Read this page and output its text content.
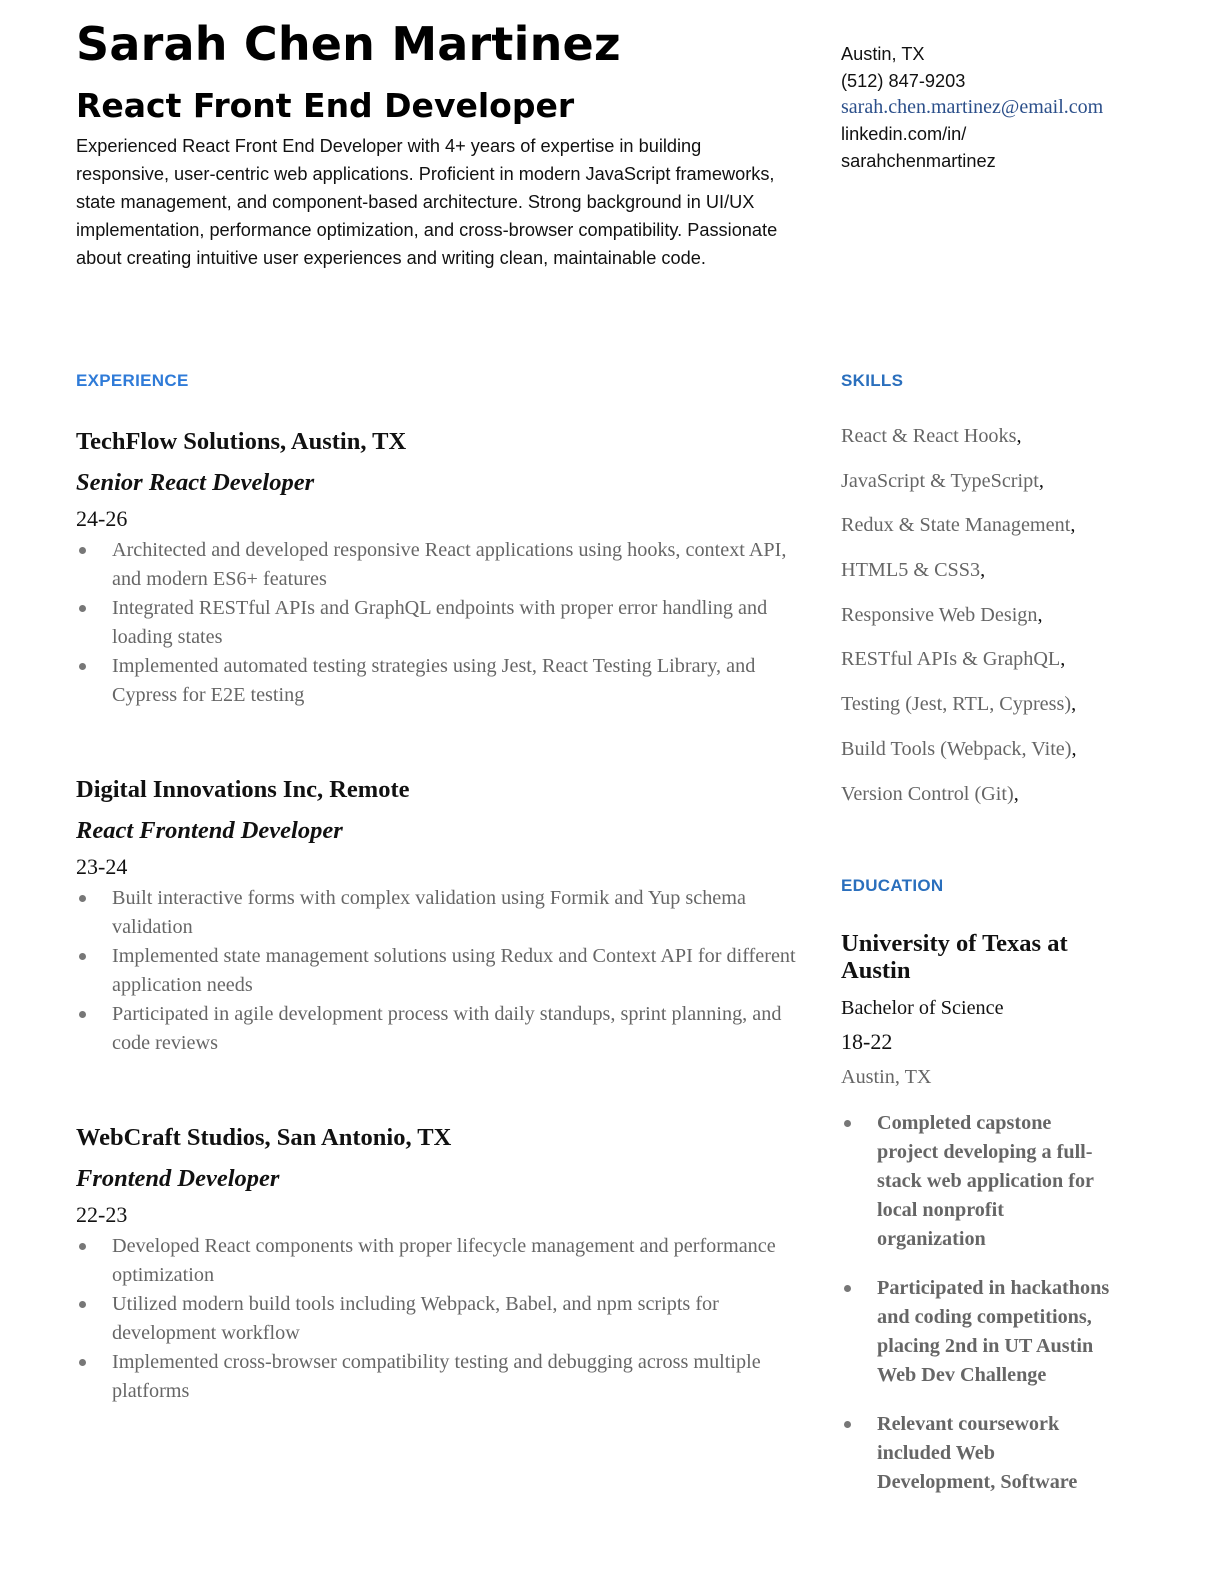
Sarah Chen Martinez
React Front End Developer

Experienced React Front End Developer with 4+ years of expertise in building responsive, user-centric web applications. Proficient in modern JavaScript frameworks, state management, and component-based architecture. Strong background in UI/UX implementation, performance optimization, and cross-browser compatibility. Passionate about creating intuitive user experiences and writing clean, maintainable code.

Austin, TX
(512) 847-9203
sarah.chen.martinez@email.com
linkedin.com/in/
sarahchenmartinez
EXPERIENCE
TechFlow Solutions, Austin, TX
Senior React Developer
24-26
Architected and developed responsive React applications using hooks, context API, and modern ES6+ features
Integrated RESTful APIs and GraphQL endpoints with proper error handling and loading states
Implemented automated testing strategies using Jest, React Testing Library, and Cypress for E2E testing
Digital Innovations Inc, Remote
React Frontend Developer
23-24
Built interactive forms with complex validation using Formik and Yup schema validation
Implemented state management solutions using Redux and Context API for different application needs
Participated in agile development process with daily standups, sprint planning, and code reviews
WebCraft Studios, San Antonio, TX
Frontend Developer
22-23
Developed React components with proper lifecycle management and performance optimization
Utilized modern build tools including Webpack, Babel, and npm scripts for development workflow
Implemented cross-browser compatibility testing and debugging across multiple platforms
SKILLS
React & React Hooks,
JavaScript & TypeScript,
Redux & State Management,
HTML5 & CSS3,
Responsive Web Design,
RESTful APIs & GraphQL,
Testing (Jest, RTL, Cypress),
Build Tools (Webpack, Vite),
Version Control (Git),
EDUCATION
University of Texas at Austin
Bachelor of Science
18-22
Austin, TX
Completed capstone project developing a full-stack web application for local nonprofit organization
Participated in hackathons and coding competitions, placing 2nd in UT Austin Web Dev Challenge
Relevant coursework included Web Development, Software
